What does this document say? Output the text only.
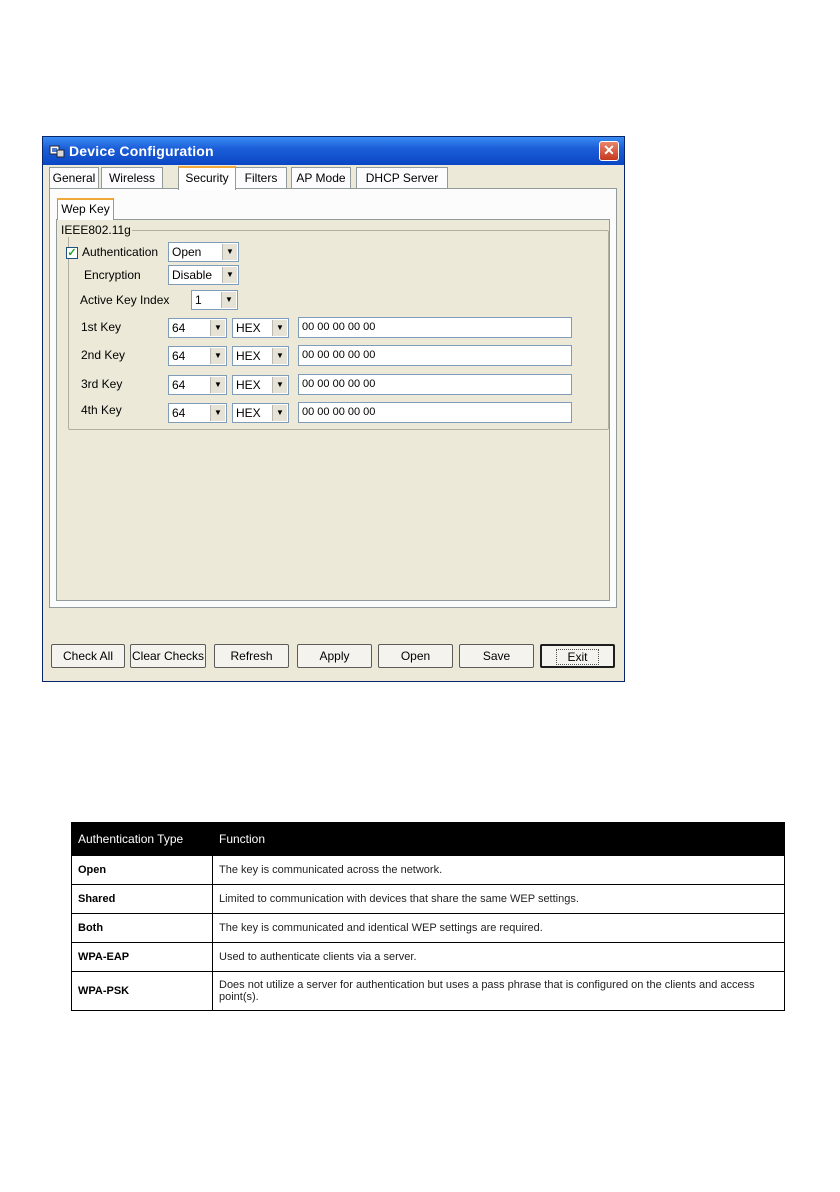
Device Configuration	✕
General	Wireless	Security	Filters	AP Mode	DHCP Server
Wep Key
IEEE802.11g
✓ Authentication Open	▼
Encryption	Disable	▼
Active Key Index 1	▼
1st Key	64	▼ HEX	▼	00 00 00 00 00
2nd Key	64	▼ HEX	▼	00 00 00 00 00
3rd Key	64	▼ HEX	▼	00 00 00 00 00
4th Key	64	▼ HEX	▼	00 00 00 00 00
Check All	Clear Checks	Refresh	Apply	Open	Save	Exit
Authentication Type	Function
Open	The key is communicated across the network.
Shared	Limited to communication with devices that share the same WEP settings.
Both	The key is communicated and identical WEP settings are required.
WPA-EAP	Used to authenticate clients via a server.
WPA-PSK	Does not utilize a server for authentication but uses a pass phrase that is configured on the clients and access point(s).
